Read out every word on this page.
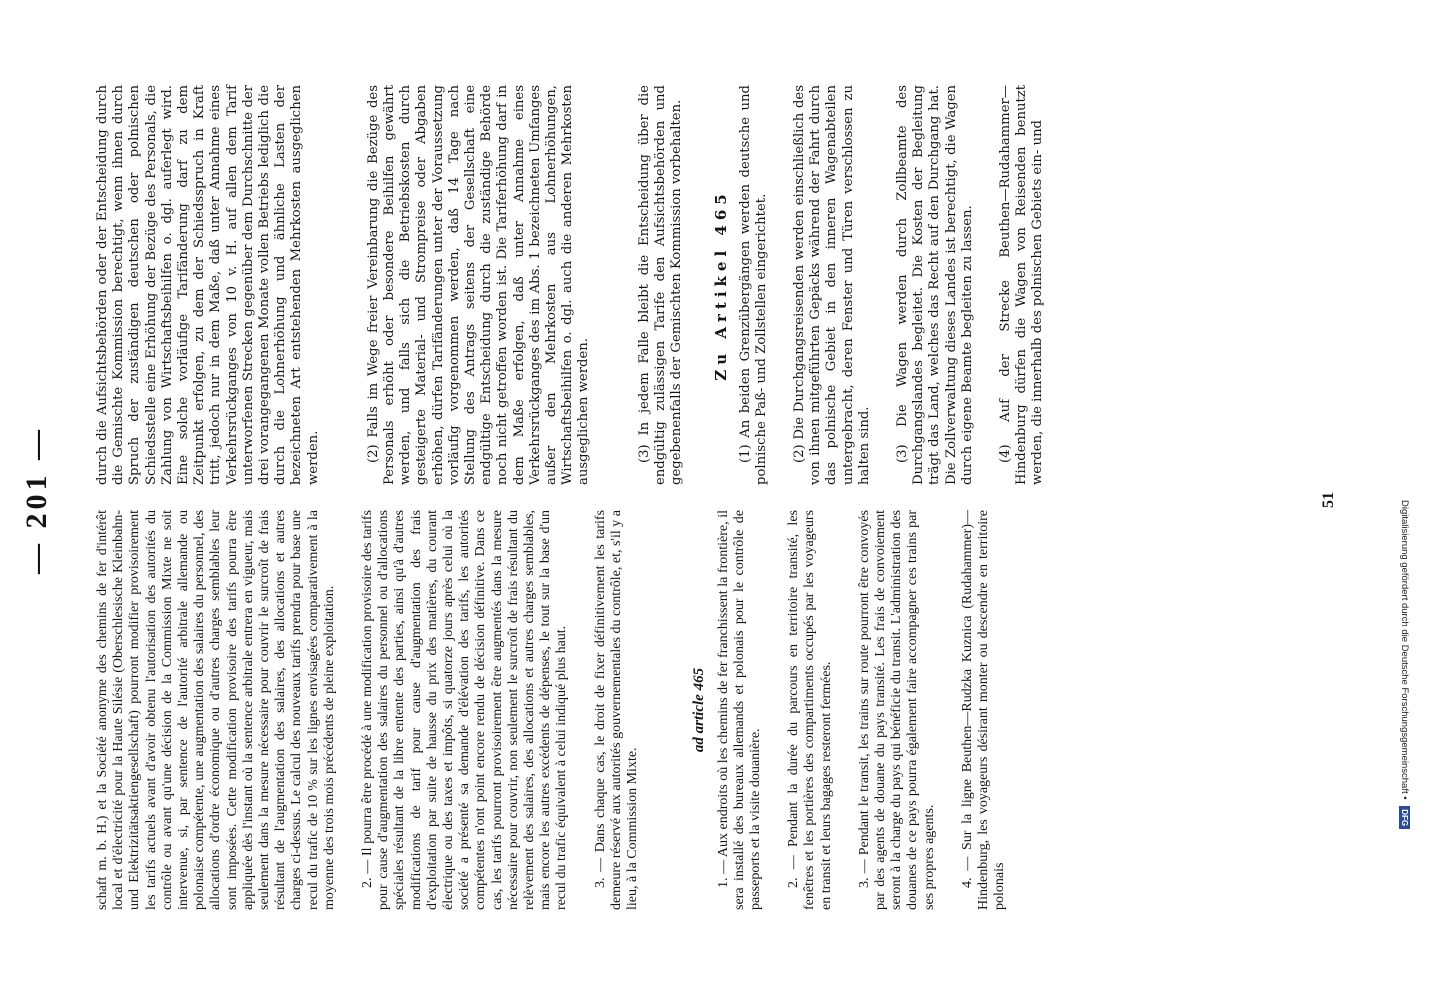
— 201 —

schaft m. b. H.) et la Société anonyme des chemins de fer d'intérêt local et d'électricité pour la Haute Silésie (Oberschlesische Kleinbahn- und Elektrizitätsaktiengesellschaft) pourront modifier provisoirement les tarifs actuels avant d'avoir obtenu l'autorisation des autorités du contrôle ou avant qu'une décision de la Commission Mixte ne soit intervenue, si, par sentence de l'autorité arbitrale allemande ou polonaise compétente, une augmentation des salaires du personnel, des allocations d'ordre économique ou d'autres charges semblables leur sont imposées. Cette modification provisoire des tarifs pourra être appliquée dès l'instant où la sentence arbitrale entrera en vigueur, mais seulement dans la mesure nécessaire pour couvrir le surcroît de frais résultant de l'augmentation des salaires, des allocations et autres charges ci-dessus. Le calcul des nouveaux tarifs prendra pour base une recul du trafic de 10 % sur les lignes envisagées comparativement à la moyenne des trois mois précédents de pleine exploitation. 2. — Il pourra être procédé à une modification provisoire des tarifs pour cause d'augmentation des salaires du personnel ou d'allocations spéciales résultant de la libre entente des parties, ainsi qu'à d'autres modifications de tarif pour cause d'augmentation des frais d'exploitation par suite de hausse du prix des matières, du courant électrique ou des taxes et impôts, si quatorze jours après celui où la société a présenté sa demande d'élévation des tarifs, les autorités compétentes n'ont point encore rendu de décision définitive. Dans ce cas, les tarifs pourront provisoirement être augmentés dans la mesure nécessaire pour couvrir, non seulement le surcroît de frais résultant du relèvement des salaires, des allocations et autres charges semblables, mais encore les autres excédents de dépenses, le tout sur la base d'un recul du trafic équivalent à celui indiqué plus haut. 3. — Dans chaque cas, le droit de fixer définitivement les tarifs demeure réservé aux autorités gouvernementales du contrôle, et, s'il y a lieu, à la Commission Mixte.

ad article 465 1. — Aux endroits où les chemins de fer franchissent la frontière, il sera installé des bureaux allemands et polonais pour le contrôle de passeports et la visite douanière. 2. — Pendant la durée du parcours en territoire transité, les fenêtres et les portières des compartiments occupés par les voyageurs en transit et leurs bagages resteront fermées. 3. — Pendant le transit, les trains sur route pourront être convoyés par des agents de douane du pays transité. Les frais de convoiement seront à la charge du pays qui bénéficie du transit. L'administration des douanes de ce pays pourra également faire accompagner ces trains par ses propres agents. 4. — Sur la ligne Beuthen—Rudzka Kuznica (Rudahammer)—Hindenburg, les voyageurs désirant monter ou descendre en territoire polonais

durch die Aufsichtsbehörden oder der Entscheidung durch die Gemischte Kommission berechtigt, wenn ihnen durch Spruch der zuständigen deutschen oder polnischen Schiedsstelle eine Erhöhung der Bezüge des Personals, die Zahlung von Wirtschaftsbeihilfen o. dgl. auferlegt wird. Eine solche vorläufige Tarifänderung darf zu dem Zeitpunkt erfolgen, zu dem der Schiedsspruch in Kraft tritt, jedoch nur in dem Maße, daß unter Annahme eines Verkehrsrückganges von 10 v. H. auf allen dem Tarif unterworfenen Strecken gegenüber dem Durchschnitte der drei vorangegangenen Monate vollen Betriebs lediglich die durch die Lohnerhöhung und ähnliche Lasten der bezeichneten Art entstehenden Mehrkosten ausgeglichen werden.	(2) Falls im Wege freier Vereinbarung die Bezüge des Personals erhöht oder besondere Beihilfen gewährt werden, und falls sich die Betriebskosten durch gesteigerte Material- und Strompreise oder Abgaben erhöhen, dürfen Tarifänderungen unter der Voraussetzung vorläufig vorgenommen werden, daß 14 Tage nach Stellung des Antrags seitens der Gesellschaft eine endgültige Entscheidung durch die zuständige Behörde noch nicht getroffen worden ist. Die Tariferhöhung darf in dem Maße erfolgen, daß unter Annahme eines Verkehrsrückganges des im Abs. 1 bezeichneten Umfanges außer den Mehrkosten aus Lohnerhöhungen, Wirtschaftsbeihilfen o. dgl. auch die anderen Mehrkosten ausgeglichen werden.	(3) In jedem Falle bleibt die Entscheidung über die endgültig zulässigen Tarife den Aufsichtsbehörden und gegebenenfalls der Gemischten Kommission vorbehalten. Zu Artikel 465 (1) An beiden Grenzübergängen werden deutsche und polnische Paß- und Zollstellen eingerichtet. (2) Die Durchgangsreisenden werden einschließlich des von ihnen mitgeführten Gepäcks während der Fahrt durch das polnische Gebiet in den inneren Wagenabteilen untergebracht, deren Fenster und Türen verschlossen zu halten sind. (3) Die Wagen werden durch Zollbeamte des Durchgangslandes begleitet. Die Kosten der Begleitung trägt das Land, welches das Recht auf den Durchgang hat. Die Zollverwaltung dieses Landes ist berechtigt, die Wagen durch eigene Beamte begleiten zu lassen. (4) Auf der Strecke Beuthen—Rudahammer—Hindenburg dürfen die Wagen von Reisenden benutzt werden, die innerhalb des polnischen Gebiets ein- und

51	Digitalisierung gefördert durch die Deutsche Forschungsgemeinschaft • DFG
